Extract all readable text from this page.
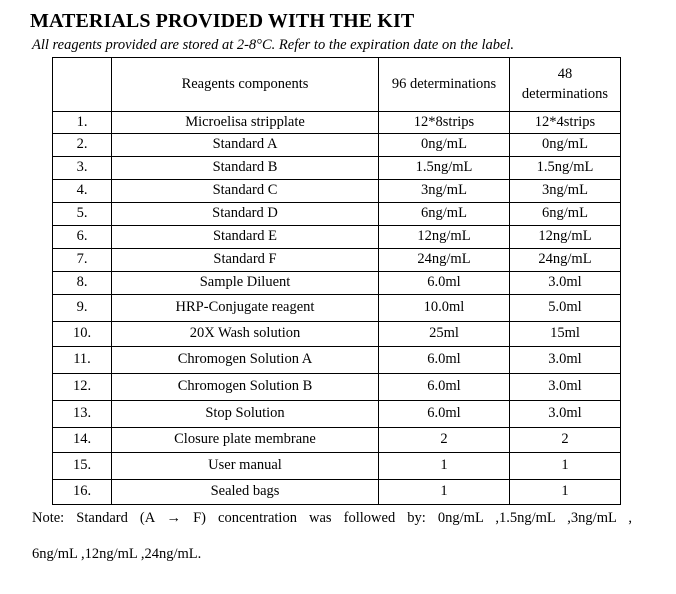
MATERIALS PROVIDED WITH THE KIT
All reagents provided are stored at 2-8°C. Refer to the expiration date on the label.
	Reagents components	96 determinations	48
determinations

1.	Microelisa stripplate	12*8strips	12*4strips
2.	Standard A	0ng/mL	0ng/mL
3.	Standard B	1.5ng/mL	1.5ng/mL
4.	Standard C	3ng/mL	3ng/mL
5.	Standard D	6ng/mL	6ng/mL
6.	Standard E	12ng/mL	12ng/mL
7.	Standard F	24ng/mL	24ng/mL
8.	Sample Diluent	6.0ml	3.0ml
9.	HRP-Conjugate reagent	10.0ml	5.0ml
10.	20X Wash solution	25ml	15ml
11.	Chromogen Solution A	6.0ml	3.0ml
12.	Chromogen Solution B	6.0ml	3.0ml
13.	Stop Solution	6.0ml	3.0ml
14.	Closure plate membrane	2	2
15.	User manual	1	1
16.	Sealed bags	1	1
Note: Standard (A → F) concentration was followed by: 0ng/mL ,1.5ng/mL ,3ng/mL ,
6ng/mL ,12ng/mL ,24ng/mL.
